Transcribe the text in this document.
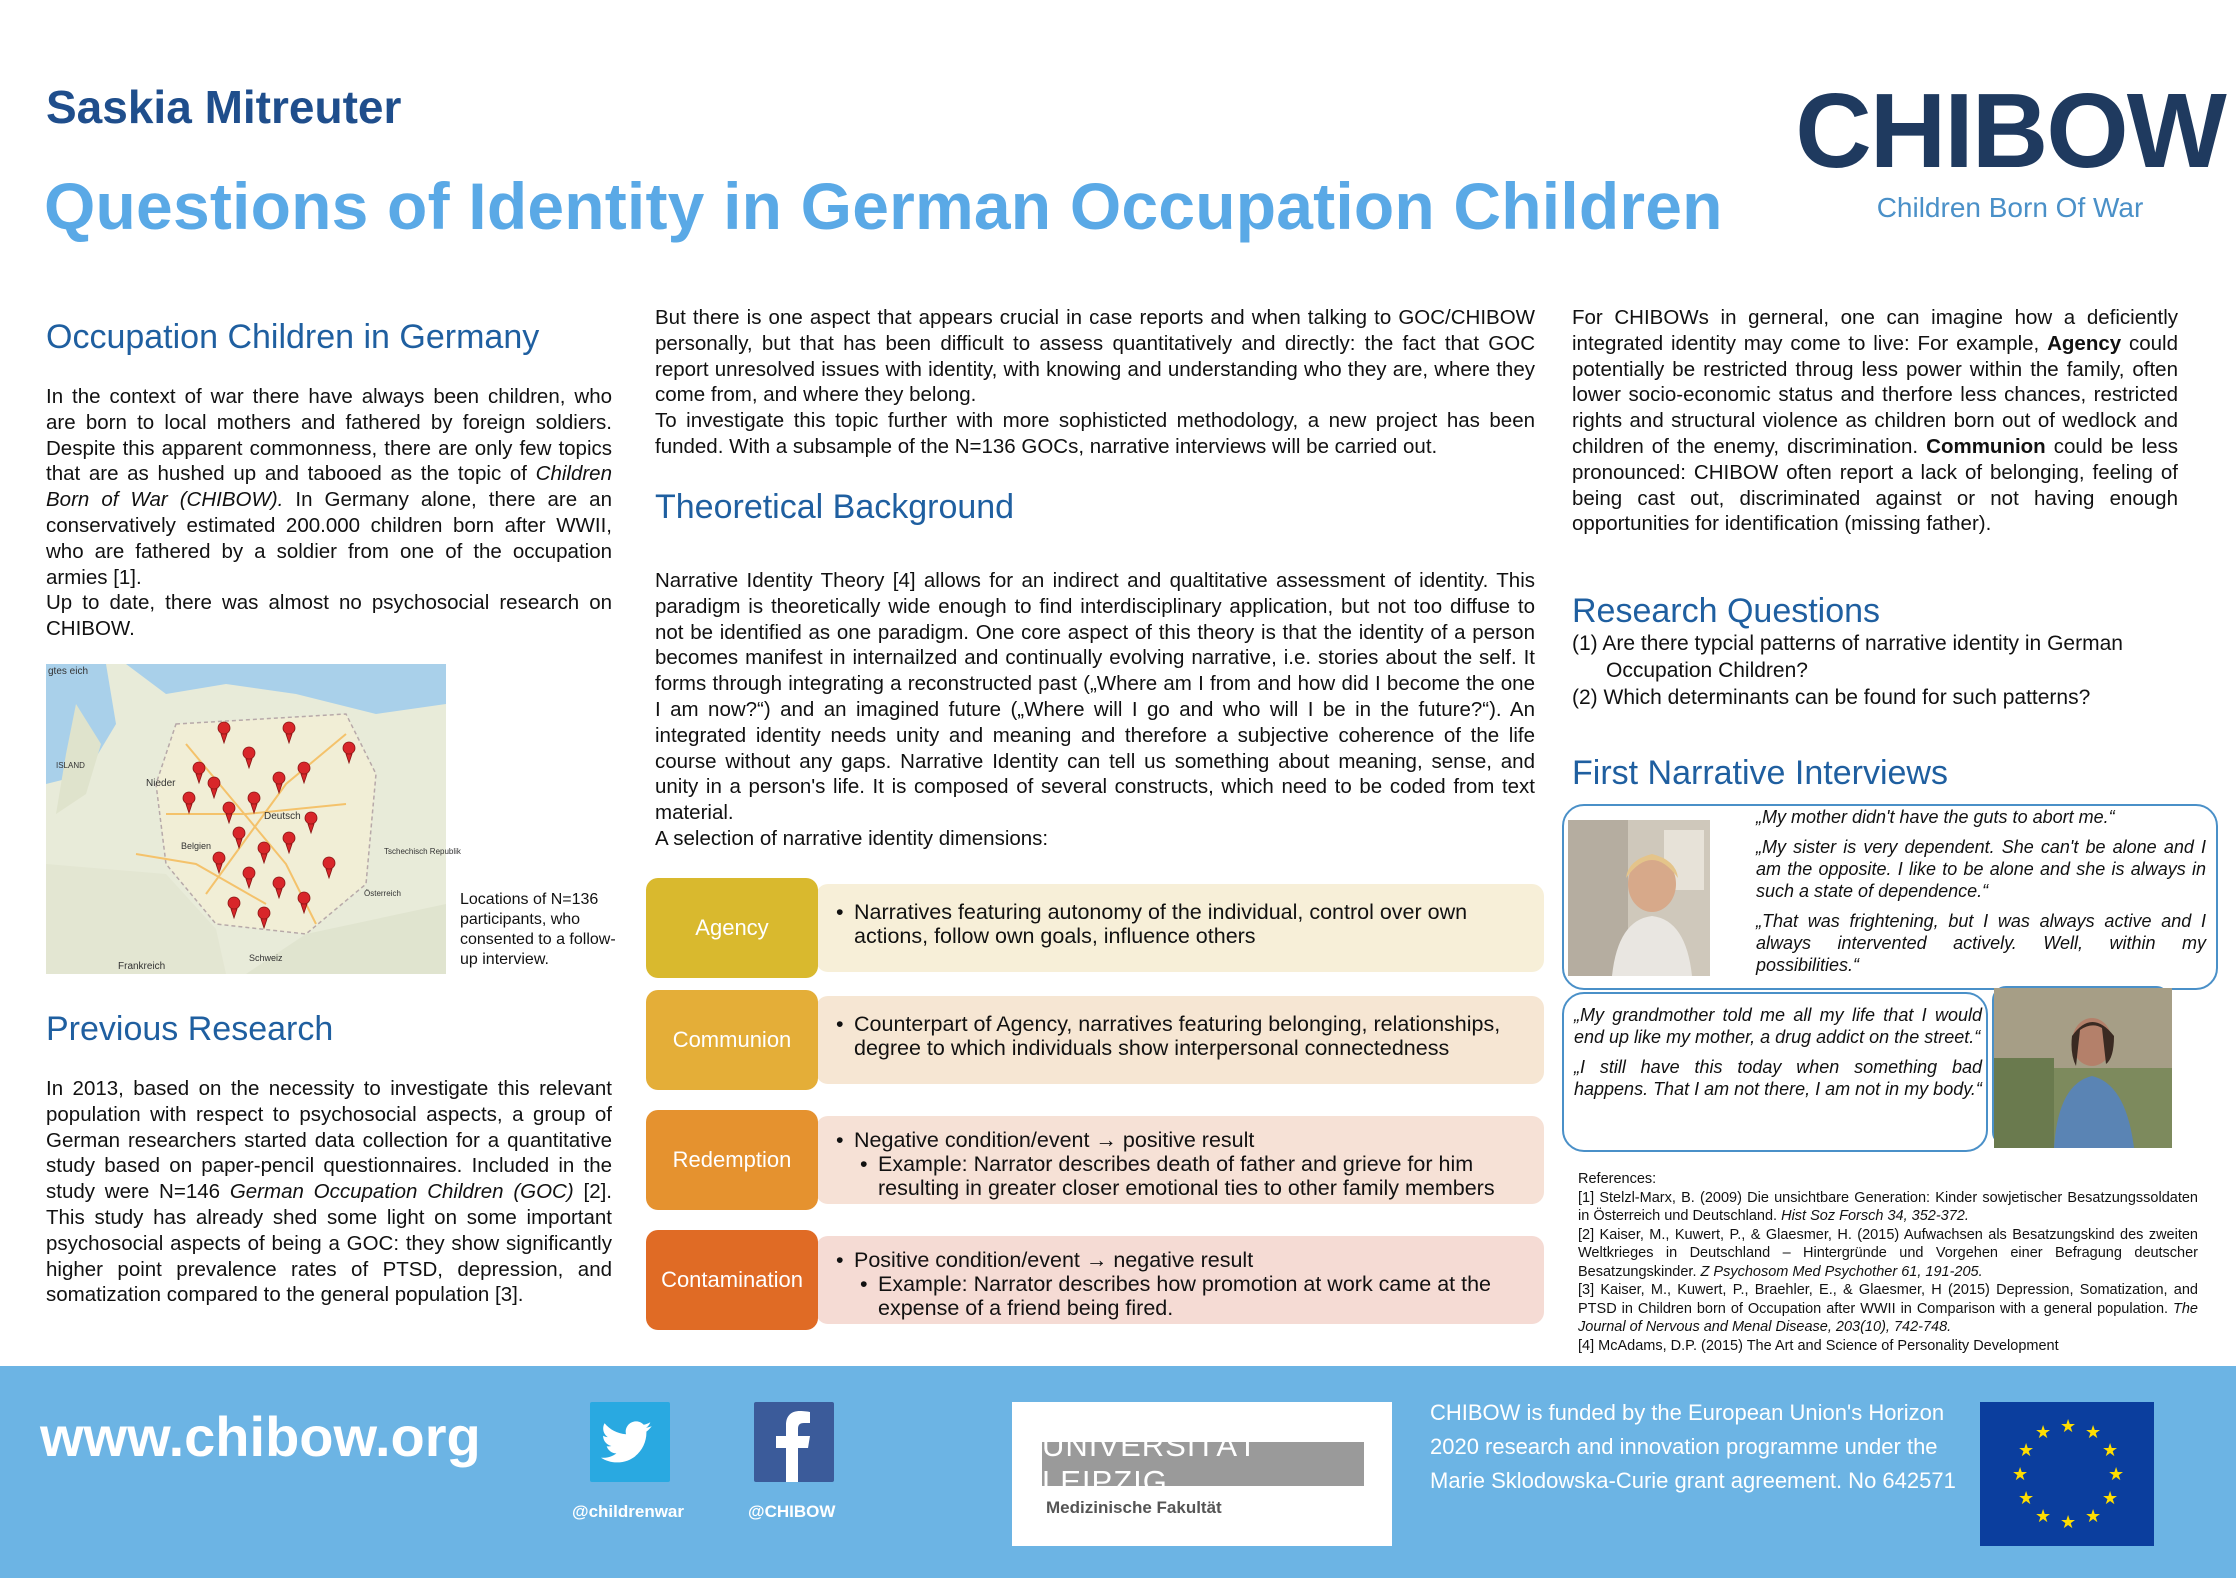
Saskia Mitreuter
Questions of Identity in German Occupation Children
CHIBOW
Children Born Of War
Occupation Children in Germany

In the context of war there have always been children, who are born to local mothers and fathered by foreign soldiers. Despite this apparent commonness, there are only few topics that are as hushed up and tabooed as the topic of Children Born of War (CHIBOW). In Germany alone, there are an conservatively estimated 200.000 children born after WWII, who are fathered by a soldier from one of the occupation armies [1].

Up to date, there was almost no psychosocial research on CHIBOW.

gtes eich
ISLAND
Nieder
Belgien
Deutsch
Tschechisch Republik
Österreich
Frankreich
Schweiz
Locations of N=136 participants, who consented to a follow-up interview.
Previous Research

In 2013, based on the necessity to investigate this relevant population with respect to psychosocial aspects, a group of German researchers started data collection for a quantitative study based on paper-pencil questionnaires. Included in the study were N=146 German Occupation Children (GOC) [2]. This study has already shed some light on some important psychosocial aspects of being a GOC: they show significantly higher point prevalence rates of PTSD, depression, and somatization compared to the general population [3].

But there is one aspect that appears crucial in case reports and when talking to GOC/CHIBOW personally, but that has been difficult to assess quantitatively and directly: the fact that GOC report unresolved issues with identity, with knowing and understanding who they are, where they come from, and where they belong.

To investigate this topic further with more sophisticted methodology, a new project has been funded. With a subsample of the N=136 GOCs, narrative interviews will be carried out.

Theoretical Background

Narrative Identity Theory [4] allows for an indirect and qualtitative assessment of identity. This paradigm is theoretically wide enough to find interdisciplinary application, but not too diffuse to not be identified as one paradigm. One core aspect of this theory is that the identity of a person becomes manifest in internailzed and continually evolving narrative, i.e. stories about the self. It forms through integrating a reconstructed past („Where am I from and how did I become the one I am now?“) and an imagined future („Where will I go and who will I be in the future?“). An integrated identity needs unity and meaning and therefore a subjective coherence of the life course without any gaps. Narrative Identity can tell us something about meaning, sense, and unity in a person's life. It is composed of several constructs, which need to be coded from text material.

A selection of narrative identity dimensions:

• Narratives featuring autonomy of the individual, control over own actions, follow own goals, influence others
Agency
• Counterpart of Agency, narratives featuring belonging, relationships, degree to which individuals show interpersonal connectedness
Communion
• Negative condition/event → positive result
• Example: Narrator describes death of father and grieve for him resulting in greater closer emotional ties to other family members
Redemption
• Positive condition/event → negative result
• Example: Narrator describes how promotion at work came at the expense of a friend being fired.
Contamination

For CHIBOWs in gerneral, one can imagine how a deficiently integrated identity may come to live: For example, Agency could potentially be restricted throug less power within the family, often lower socio-economic status and therfore less chances, restricted rights and structural violence as children born out of wedlock and children of the enemy, discrimination. Communion could be less pronounced: CHIBOW often report a lack of belonging, feeling of being cast out, discriminated against or not having enough opportunities for identification (missing father).

Research Questions

(1) Are there typcial patterns of narrative identity in German Occupation Children?

(2) Which determinants can be found for such patterns?

First Narrative Interviews

„My mother didn't have the guts to abort me.“

„My sister is very dependent. She can't be alone and I am the opposite. I like to be alone and she is always in such a state of dependence.“

„That was frightening, but I was always active and I always intervented actively. Well, within my possibilities.“

„My grandmother told me all my life that I would end up like my mother, a drug addict on the street.“

„I still have this today when something bad happens. That I am not there, I am not in my body.“

References:
[1] Stelzl-Marx, B. (2009) Die unsichtbare Generation: Kinder sowjetischer Besatzungssoldaten in Österreich und Deutschland. Hist Soz Forsch 34, 352-372.
[2] Kaiser, M., Kuwert, P., & Glaesmer, H. (2015) Aufwachsen als Besatzungskind des zweiten Weltkrieges in Deutschland – Hintergründe und Vorgehen einer Befragung deutscher Besatzungskinder. Z Psychosom Med Psychother 61, 191-205.
[3] Kaiser, M., Kuwert, P., Braehler, E., & Glaesmer, H (2015) Depression, Somatization, and PTSD in Children born of Occupation after WWII in Comparison with a general population. The Journal of Nervous and Menal Disease, 203(10), 742-748.
[4] McAdams, D.P. (2015) The Art and Science of Personality Development
www.chibow.org
@childrenwar	@CHIBOW
UNIVERSITÄT LEIPZIG
Medizinische Fakultät
CHIBOW is funded by the European Union's Horizon 2020 research and innovation programme under the Marie Sklodowska-Curie grant agreement. No 642571
★ ★
★
★
★
★
★
★
★
★
★
★
